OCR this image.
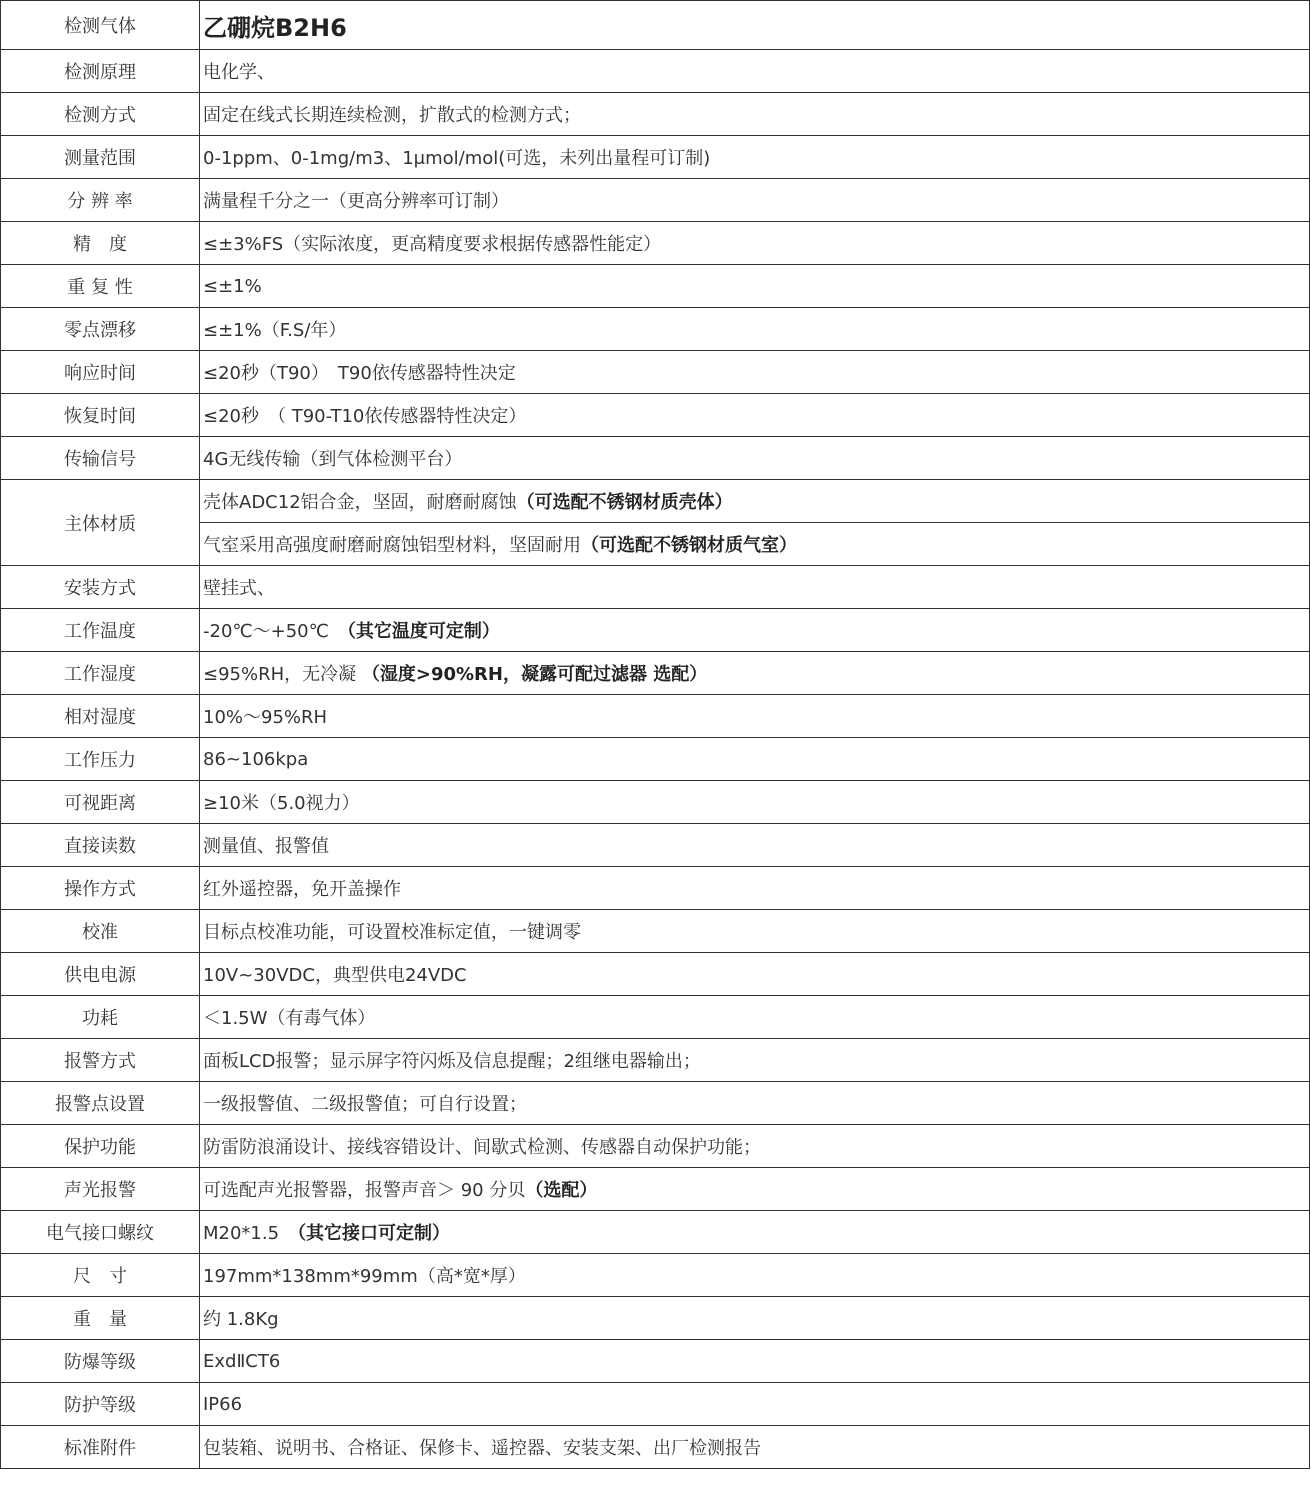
检测气体	乙硼烷B2H6
检测原理	电化学、
检测方式	固定在线式长期连续检测，扩散式的检测方式；
测量范围	0-1ppm、0-1mg/m3、1μmol/mol(可选，未列出量程可订制)
分 辨 率	满量程千分之一（更高分辨率可订制）
精　度	≤±3%FS（实际浓度，更高精度要求根据传感器性能定）
重 复 性	≤±1%
零点漂移	≤±1%（F.S/年）
响应时间	≤20秒（T90）　T90依传感器特性决定
恢复时间	≤20秒　（ T90-T10依传感器特性决定）
传输信号	4G无线传输（到气体检测平台）
主体材质	壳体ADC12铝合金，坚固，耐磨耐腐蚀（可选配不锈钢材质壳体）
	气室采用高强度耐磨耐腐蚀铝型材料，坚固耐用（可选配不锈钢材质气室）
安装方式	壁挂式、
工作温度	-20℃～+50℃　（其它温度可定制）
工作湿度	≤95%RH，无冷凝 （湿度>90%RH，凝露可配过滤器 选配）
相对湿度	10%～95%RH
工作压力	86~106kpa
可视距离	≥10米（5.0视力）
直接读数	测量值、报警值
操作方式	红外遥控器，免开盖操作
校准	目标点校准功能，可设置校准标定值，一键调零
供电电源	10V~30VDC，典型供电24VDC
功耗	＜1.5W（有毒气体）
报警方式	面板LCD报警；显示屏字符闪烁及信息提醒；2组继电器输出；
报警点设置	一级报警值、二级报警值；可自行设置；
保护功能	防雷防浪涌设计、接线容错设计、间歇式检测、传感器自动保护功能；
声光报警	可选配声光报警器，报警声音＞ 90 分贝（选配）
电气接口螺纹	M20*1.5　（其它接口可定制）
尺　寸	197mm*138mm*99mm（高*宽*厚）
重　量	约 1.8Kg
防爆等级	ExdⅡCT6
防护等级	IP66
标准附件	包装箱、说明书、合格证、保修卡、遥控器、安装支架、出厂检测报告
